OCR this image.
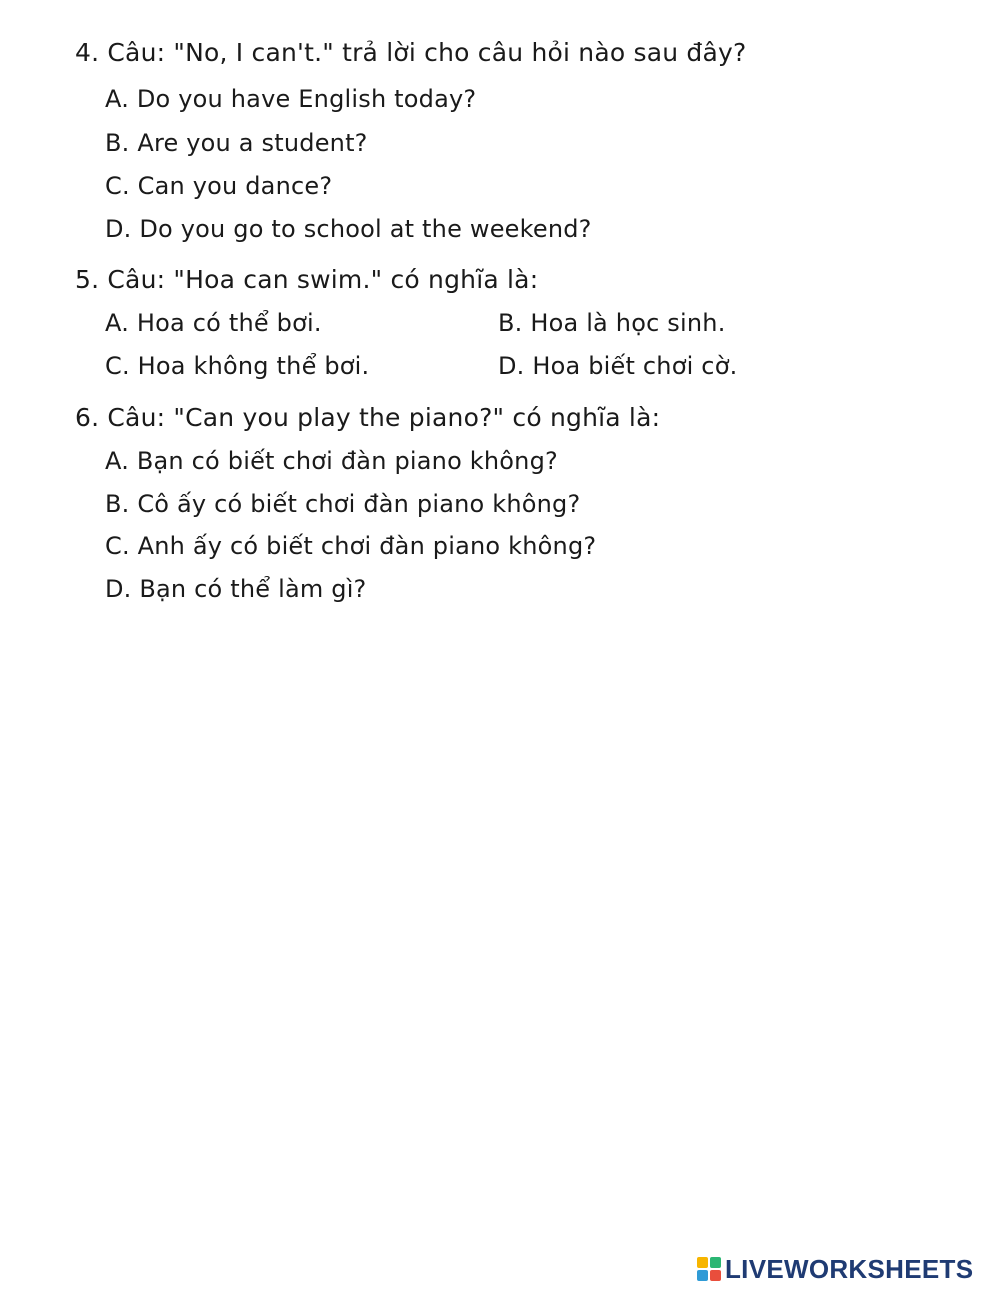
4. Câu: "No, I can't." trả lời cho câu hỏi nào sau đây?
A. Do you have English today?
B. Are you a student?
C. Can you dance?
D. Do you go to school at the weekend?
5. Câu: "Hoa can swim." có nghĩa là:
A. Hoa có thể bơi.	B. Hoa là học sinh.
C. Hoa không thể bơi.	D. Hoa biết chơi cờ.
6. Câu: "Can you play the piano?" có nghĩa là:
A. Bạn có biết chơi đàn piano không?
B. Cô ấy có biết chơi đàn piano không?
C. Anh ấy có biết chơi đàn piano không?
D. Bạn có thể làm gì?
LIVEWORKSHEETS
